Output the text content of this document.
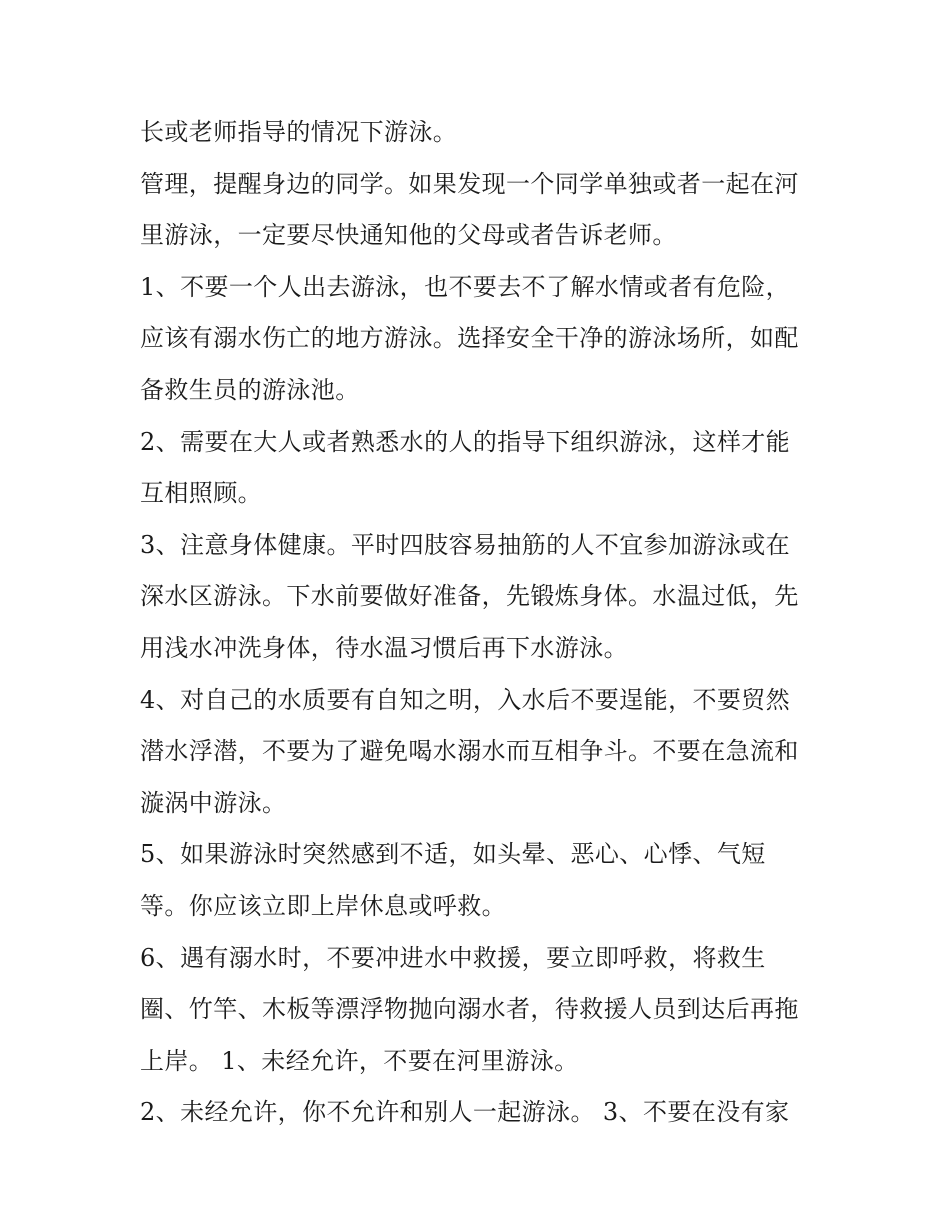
长或老师指导的情况下游泳。
管理，提醒身边的同学。如果发现一个同学单独或者一起在河
里游泳，一定要尽快通知他的父母或者告诉老师。
1、不要一个人出去游泳，也不要去不了解水情或者有危险，
应该有溺水伤亡的地方游泳。选择安全干净的游泳场所，如配
备救生员的游泳池。
2、需要在大人或者熟悉水的人的指导下组织游泳，这样才能
互相照顾。
3、注意身体健康。平时四肢容易抽筋的人不宜参加游泳或在
深水区游泳。下水前要做好准备，先锻炼身体。水温过低，先
用浅水冲洗身体，待水温习惯后再下水游泳。
4、对自己的水质要有自知之明，入水后不要逞能，不要贸然
潜水浮潜，不要为了避免喝水溺水而互相争斗。不要在急流和
漩涡中游泳。
5、如果游泳时突然感到不适，如头晕、恶心、心悸、气短
等。你应该立即上岸休息或呼救。
6、遇有溺水时，不要冲进水中救援，要立即呼救，将救生
圈、竹竿、木板等漂浮物抛向溺水者，待救援人员到达后再拖
上岸。 1、未经允许，不要在河里游泳。
2、未经允许，你不允许和别人一起游泳。 3、不要在没有家
